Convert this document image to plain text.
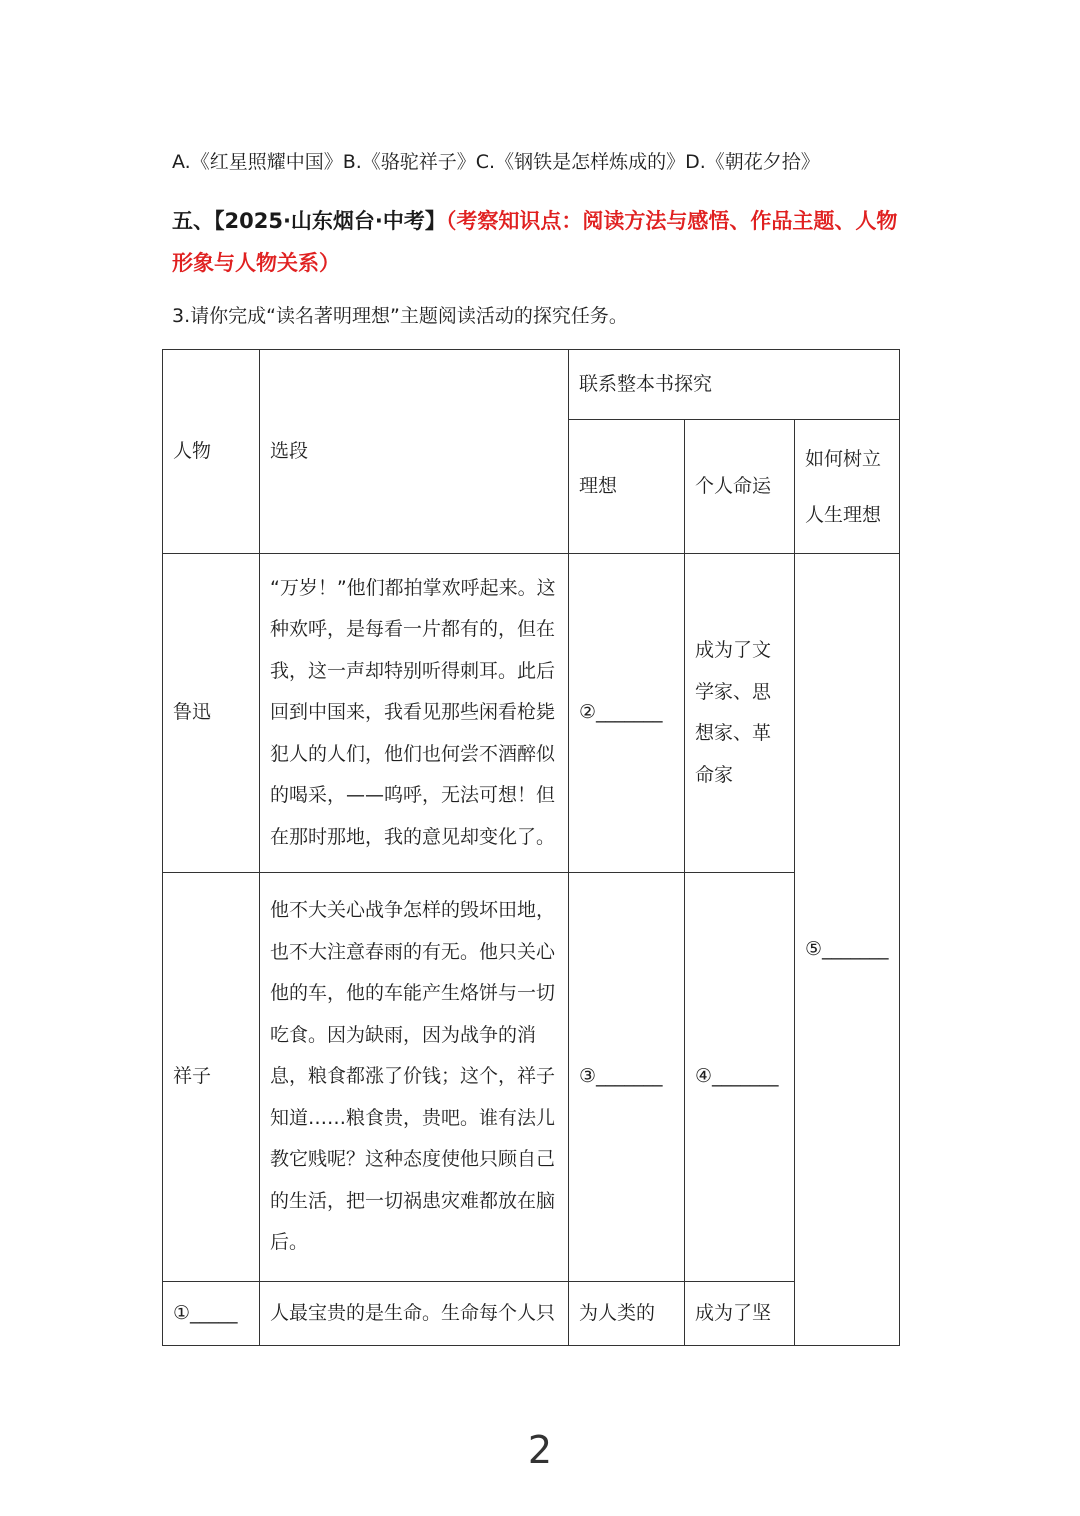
A.《红星照耀中国》B.《骆驼祥子》C.《钢铁是怎样炼成的》D.《朝花夕拾》
五、【2025·山东烟台·中考】（考察知识点：阅读方法与感悟、作品主题、人物形象与人物关系）
3.请你完成“读名著明理想”主题阅读活动的探究任务。
人物	选段	联系整本书探究		
		理想	个人命运	如何树立
人生理想

鲁迅	“万岁！”他们都拍掌欢呼起来。这种欢呼，是每看一片都有的，但在我，这一声却特别听得刺耳。此后回到中国来，我看见那些闲看枪毙犯人的人们，他们也何尝不酒醉似的喝采，——呜呼，无法可想！但在那时那地，我的意见却变化了。	②_______	成为了文学家、思想家、革命家	⑤_______
祥子	他不大关心战争怎样的毁坏田地，也不大注意春雨的有无。他只关心他的车，他的车能产生烙饼与一切吃食。因为缺雨，因为战争的消息，粮食都涨了价钱；这个，祥子知道……粮食贵，贵吧。谁有法儿教它贱呢？这种态度使他只顾自己的生活，把一切祸患灾难都放在脑后。	③_______	④_______	
①_____	人最宝贵的是生命。生命每个人只	为人类的	成为了坚	
2
